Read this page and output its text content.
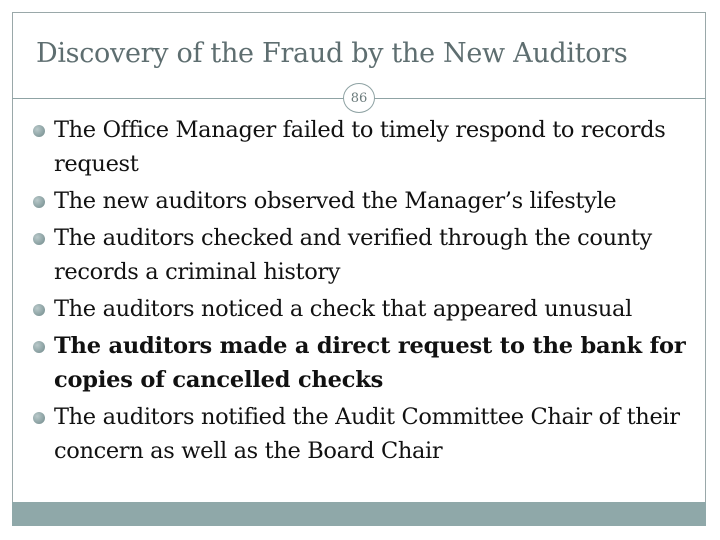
Discovery of the Fraud by the New Auditors
86
The Office Manager failed to timely respond to records request
The new auditors observed the Manager’s lifestyle
The auditors checked and verified through the county records a criminal history
The auditors noticed a check that appeared unusual
The auditors made a direct request to the bank for copies of cancelled checks
The auditors notified the Audit Committee Chair of their concern as well as the Board Chair
